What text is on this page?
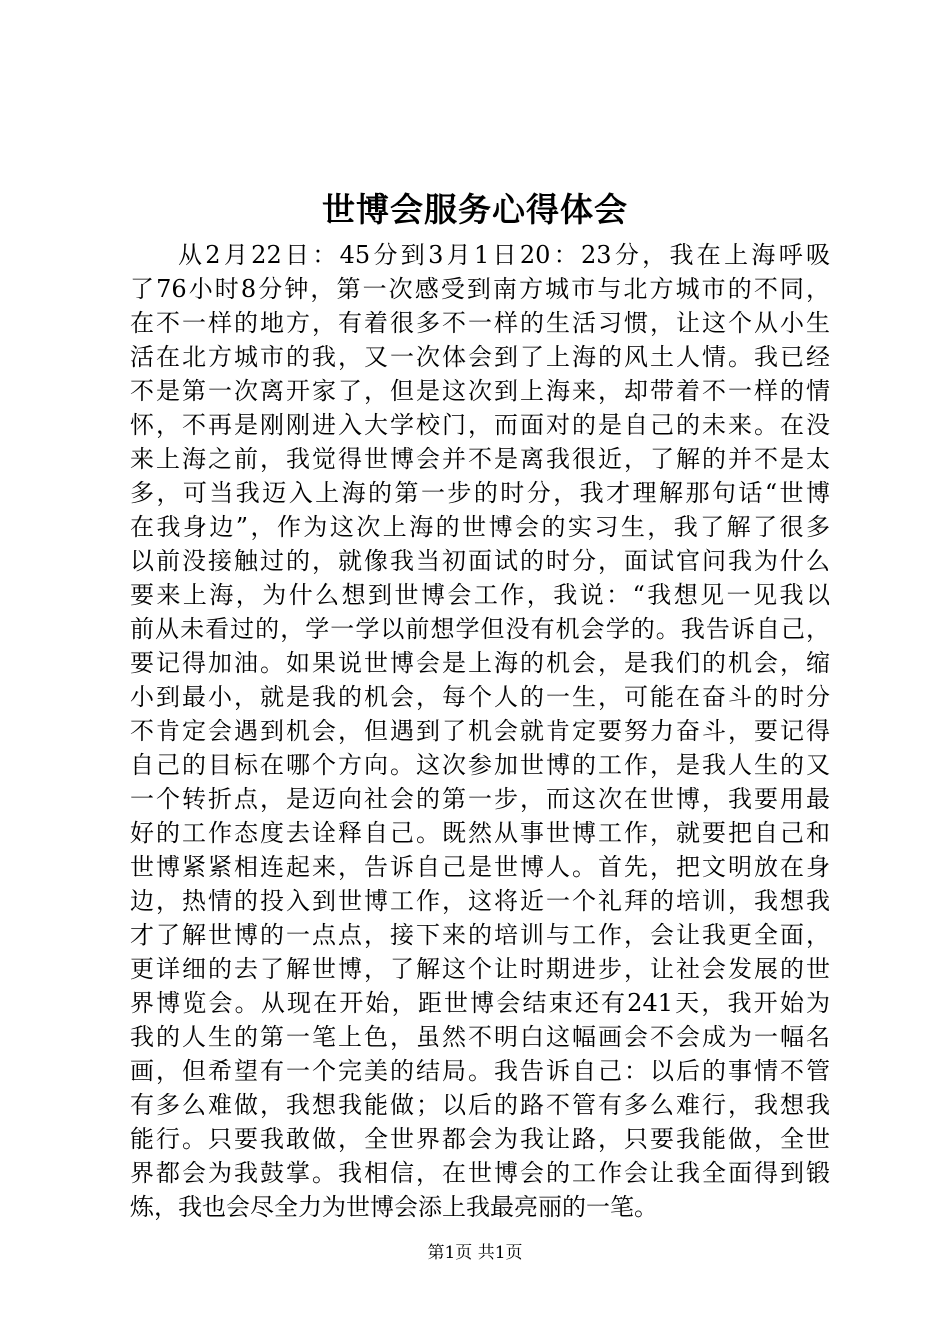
世博会服务心得体会
从2月22日：45分到3月1日20：23分，我在上海呼吸
了76小时8分钟，第一次感受到南方城市与北方城市的不同，
在不一样的地方，有着很多不一样的生活习惯，让这个从小生
活在北方城市的我，又一次体会到了上海的风土人情。我已经
不是第一次离开家了，但是这次到上海来，却带着不一样的情
怀，不再是刚刚进入大学校门，而面对的是自己的未来。在没
来上海之前，我觉得世博会并不是离我很近，了解的并不是太
多，可当我迈入上海的第一步的时分，我才理解那句话“世博
在我身边”，作为这次上海的世博会的实习生，我了解了很多
以前没接触过的，就像我当初面试的时分，面试官问我为什么
要来上海，为什么想到世博会工作，我说：“我想见一见我以
前从未看过的，学一学以前想学但没有机会学的。我告诉自己，
要记得加油。如果说世博会是上海的机会，是我们的机会，缩
小到最小，就是我的机会，每个人的一生，可能在奋斗的时分
不肯定会遇到机会，但遇到了机会就肯定要努力奋斗，要记得
自己的目标在哪个方向。这次参加世博的工作，是我人生的又
一个转折点，是迈向社会的第一步，而这次在世博，我要用最
好的工作态度去诠释自己。既然从事世博工作，就要把自己和
世博紧紧相连起来，告诉自己是世博人。首先，把文明放在身
边，热情的投入到世博工作，这将近一个礼拜的培训，我想我
才了解世博的一点点，接下来的培训与工作，会让我更全面，
更详细的去了解世博，了解这个让时期进步，让社会发展的世
界博览会。从现在开始，距世博会结束还有241天，我开始为
我的人生的第一笔上色，虽然不明白这幅画会不会成为一幅名
画，但希望有一个完美的结局。我告诉自己：以后的事情不管
有多么难做，我想我能做；以后的路不管有多么难行，我想我
能行。只要我敢做，全世界都会为我让路，只要我能做，全世
界都会为我鼓掌。我相信，在世博会的工作会让我全面得到锻
炼，我也会尽全力为世博会添上我最亮丽的一笔。
第1页 共1页
